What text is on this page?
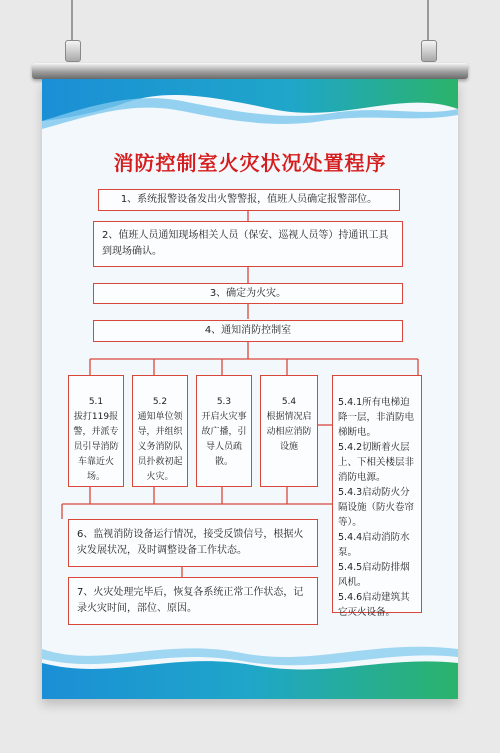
消防控制室火灾状况处置程序
1、系统报警设备发出火警警报，值班人员确定报警部位。
2、值班人员通知现场相关人员（保安、巡视人员等）持通讯工具到现场确认。
3、确定为火灾。
4、通知消防控制室

5.1
拔打119报警，并派专员引导消防车靠近火场。

5.2
通知单位领导，并组织义务消防队员扑救初起火灾。

5.3
开启火灾事故广播，引导人员疏散。

5.4
根据情况启动相应消防设施

5.4.1所有电梯迫降一层，非消防电梯断电。
5.4.2切断着火层上、下相关楼层非消防电源。
5.4.3启动防火分隔设施（防火卷帘等）。
5.4.4启动消防水泵。
5.4.5启动防排烟风机。
5.4.6启动建筑其它灭火设备。

6、监视消防设备运行情况，接受反馈信号，根据火灾发展状况，及时调整设备工作状态。
7、火灾处理完毕后，恢复各系统正常工作状态，记录火灾时间，部位、原因。
